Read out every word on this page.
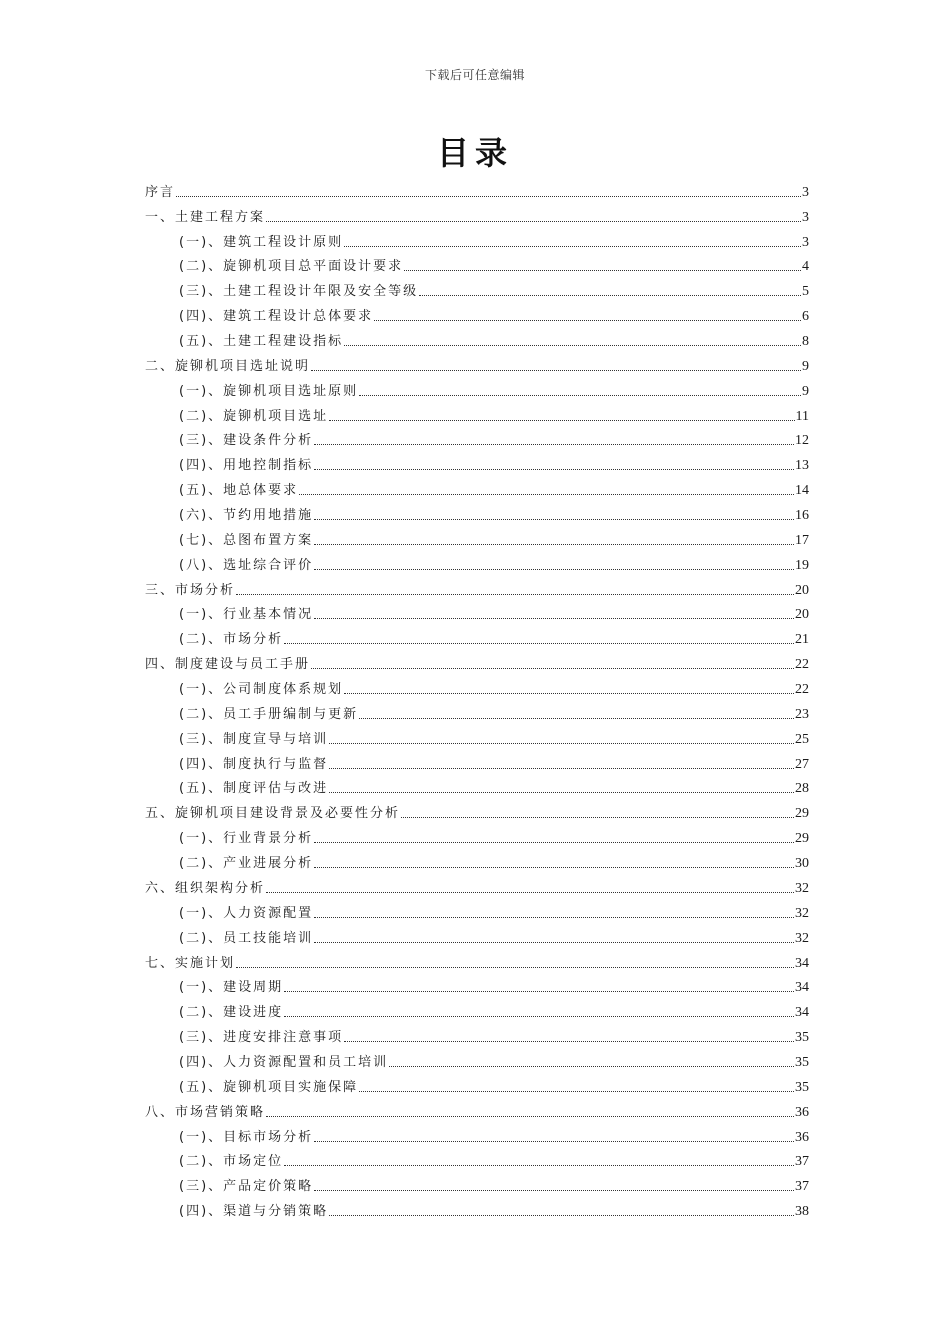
下载后可任意编辑
目录
序言	3
一、土建工程方案	3
(一)、建筑工程设计原则	3
(二)、旋铆机项目总平面设计要求	4
(三)、土建工程设计年限及安全等级	5
(四)、建筑工程设计总体要求	6
(五)、土建工程建设指标	8
二、旋铆机项目选址说明	9
(一)、旋铆机项目选址原则	9
(二)、旋铆机项目选址	11
(三)、建设条件分析	12
(四)、用地控制指标	13
(五)、地总体要求	14
(六)、节约用地措施	16
(七)、总图布置方案	17
(八)、选址综合评价	19
三、市场分析	20
(一)、行业基本情况	20
(二)、市场分析	21
四、制度建设与员工手册	22
(一)、公司制度体系规划	22
(二)、员工手册编制与更新	23
(三)、制度宣导与培训	25
(四)、制度执行与监督	27
(五)、制度评估与改进	28
五、旋铆机项目建设背景及必要性分析	29
(一)、行业背景分析	29
(二)、产业进展分析	30
六、组织架构分析	32
(一)、人力资源配置	32
(二)、员工技能培训	32
七、实施计划	34
(一)、建设周期	34
(二)、建设进度	34
(三)、进度安排注意事项	35
(四)、人力资源配置和员工培训	35
(五)、旋铆机项目实施保障	35
八、市场营销策略	36
(一)、目标市场分析	36
(二)、市场定位	37
(三)、产品定价策略	37
(四)、渠道与分销策略	38
